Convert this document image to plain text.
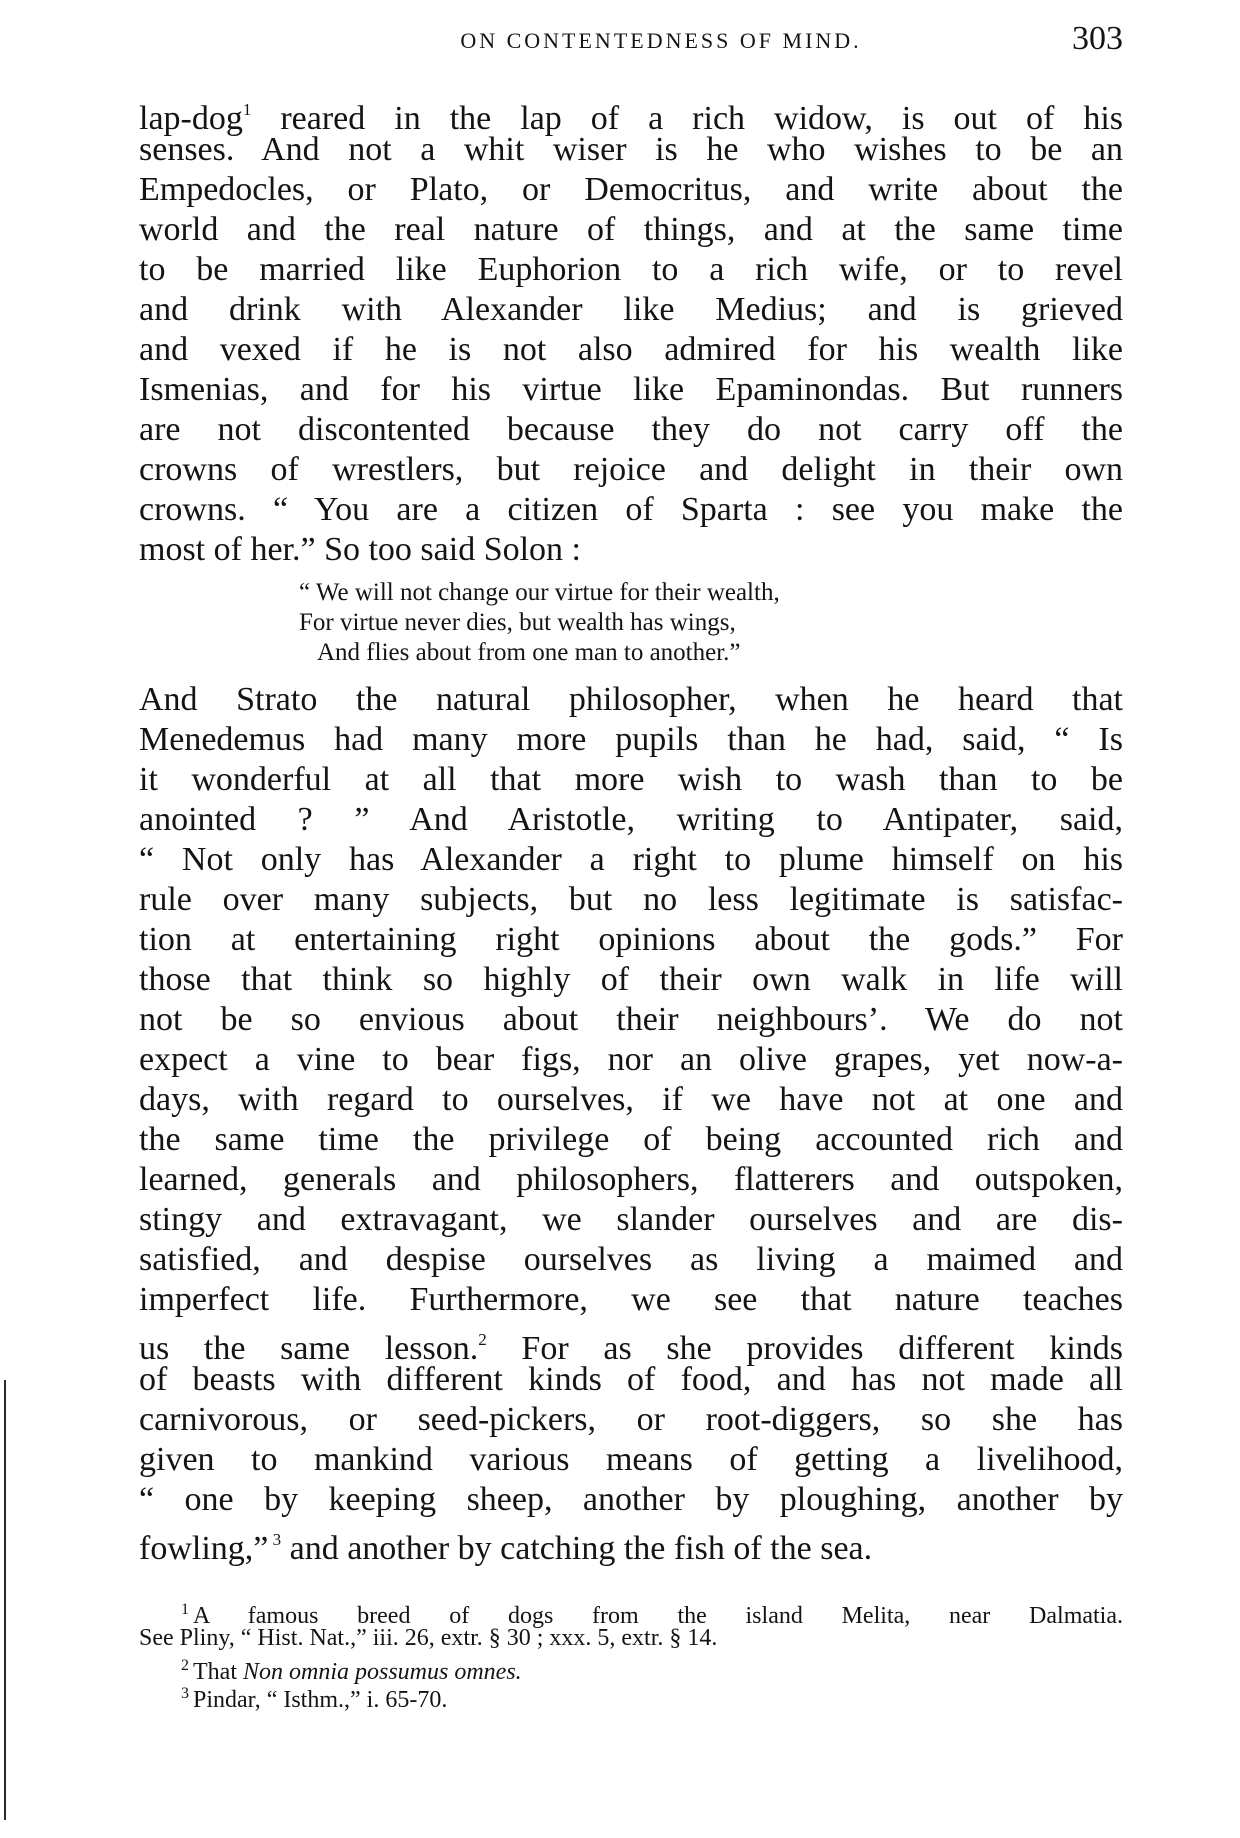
ON CONTENTEDNESS OF MIND.	303
lap-dog$^1$ reared in the lap of a rich widow, is out of his
senses. And not a whit wiser is he who wishes to be an
Empedocles, or Plato, or Democritus, and write about the
world and the real nature of things, and at the same time
to be married like Euphorion to a rich wife, or to revel
and drink with Alexander like Medius; and is grieved
and vexed if he is not also admired for his wealth like
Ismenias, and for his virtue like Epaminondas. But runners
are not discontented because they do not carry off the
crowns of wrestlers, but rejoice and delight in their own
crowns. “ You are a citizen of Sparta : see you make the
most of her.” So too said Solon :
“ We will not change our virtue for their wealth,
For virtue never dies, but wealth has wings,
And flies about from one man to another.”
And Strato the natural philosopher, when he heard that
Menedemus had many more pupils than he had, said, “ Is
it wonderful at all that more wish to wash than to be
anointed ? ” And Aristotle, writing to Antipater, said,
“ Not only has Alexander a right to plume himself on his
rule over many subjects, but no less legitimate is satisfac-
tion at entertaining right opinions about the gods.” For
those that think so highly of their own walk in life will
not be so envious about their neighbours’. We do not
expect a vine to bear figs, nor an olive grapes, yet now-a-
days, with regard to ourselves, if we have not at one and
the same time the privilege of being accounted rich and
learned, generals and philosophers, flatterers and outspoken,
stingy and extravagant, we slander ourselves and are dis-
satisfied, and despise ourselves as living a maimed and
imperfect life. Furthermore, we see that nature teaches
us the same lesson.$^2$ For as she provides different kinds
of beasts with different kinds of food, and has not made all
carnivorous, or seed-pickers, or root-diggers, so she has
given to mankind various means of getting a livelihood,
“ one by keeping sheep, another by ploughing, another by
fowling,” $^3$ and another by catching the fish of the sea.
$^1$ A famous breed of dogs from the island Melita, near Dalmatia.
See Pliny, “ Hist. Nat.,” iii. 26, extr. § 30 ; xxx. 5, extr. § 14.
$^2$ That Non omnia possumus omnes.
$^3$ Pindar, “ Isthm.,” i. 65-70.
